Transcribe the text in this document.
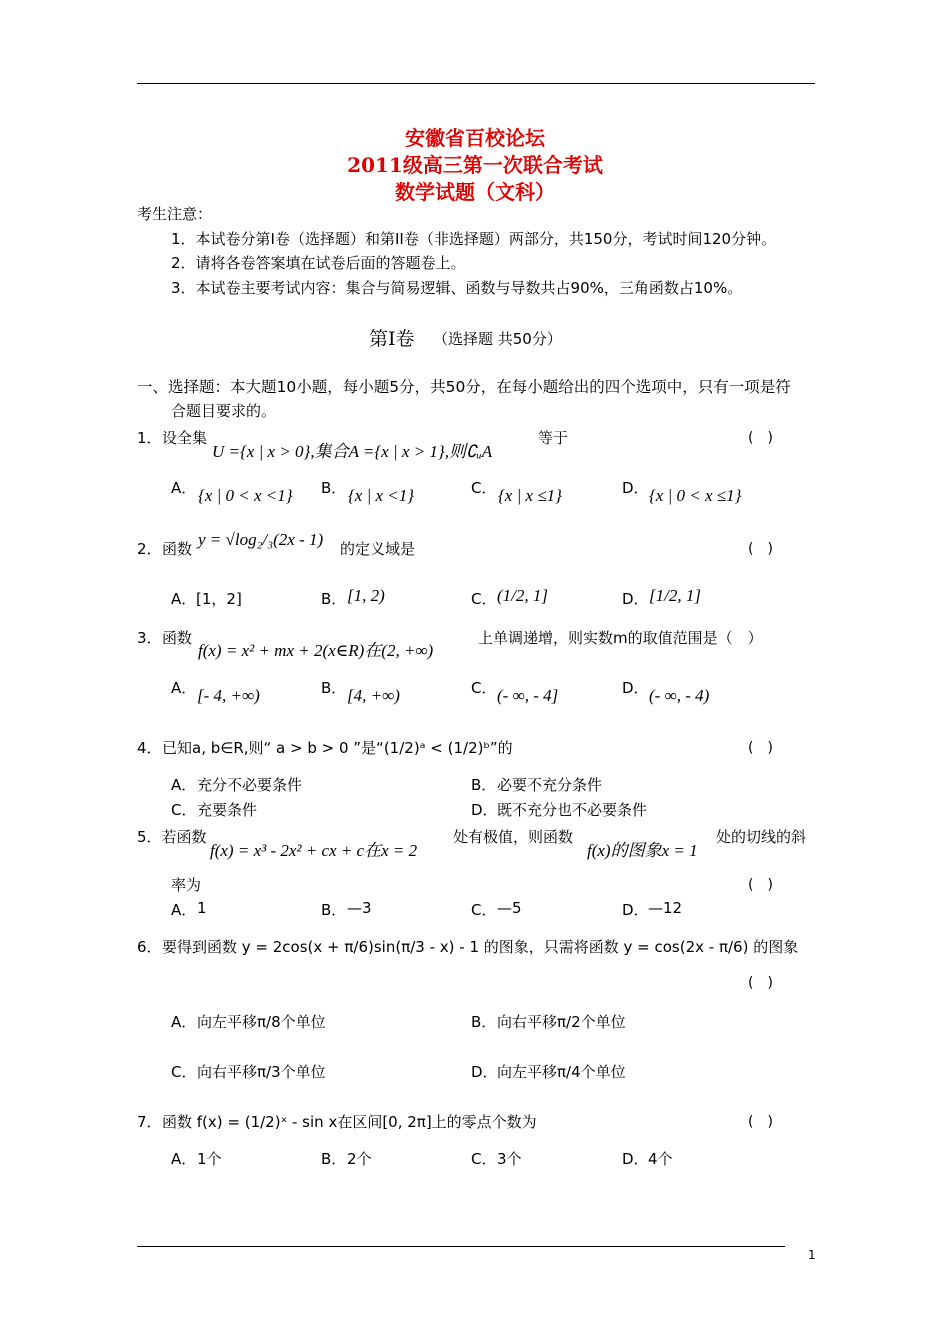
安徽省百校论坛
2011级高三第一次联合考试
数学试题（文科）
考生注意：
1．本试卷分第Ⅰ卷（选择题）和第II卷（非选择题）两部分，共150分，考试时间120分钟。
2．请将各卷答案填在试卷后面的答题卷上。
3．本试卷主要考试内容：集合与简易逻辑、函数与导数共占90%，三角函数占10%。
第Ⅰ卷 （选择题 共50分）
一、选择题：本大题10小题，每小题5分，共50分，在每小题给出的四个选项中，只有一项是符
合题目要求的。
1． 设全集
U ={x | x > 0},集合A ={x | x > 1},则∁ᵤA
等于	(　)
A． {x | 0 < x <1} B． {x | x <1}	C． {x | x ≤1}	D． {x | 0 < x ≤1}
2． 函数 y = √log₂/₃(2x - 1) 的定义域是	(　)
A． [1，2]	B． [1, 2)	C． (1/2, 1]	D． [1/2, 1]
3． 函数
f(x) = x² + mx + 2(x∈R)在(2, +∞)
上单调递增，则实数m的取值范围是（　）
A． [- 4, +∞)	B． [4, +∞)	C． (- ∞, - 4]	D． (- ∞, - 4)
4． 已知a, b∈R,则“ a > b > 0 ”是“(1/2)ᵃ < (1/2)ᵇ”的	(　)
A． 充分不必要条件	B． 必要不充分条件
C． 充要条件	D． 既不充分也不必要条件
5．若函数
f(x) = x³ - 2x² + cx + c在x = 2
处有极值，则函数
f(x)的图象x = 1
处的切线的斜
率为	(　)
A． 1	B． —3	C． —5	D． —12
6． 要得到函数 y = 2cos(x + π/6)sin(π/3 - x) - 1 的图象，只需将函数 y = cos(2x - π/6) 的图象
(　)
A． 向左平移π/8个单位	B． 向右平移π/2个单位
C． 向右平移π/3个单位	D． 向左平移π/4个单位
7． 函数 f(x) = (1/2)ˣ - sin x在区间[0, 2π]上的零点个数为	(　)
A． 1个	B． 2个	C． 3个	D． 4个
1
